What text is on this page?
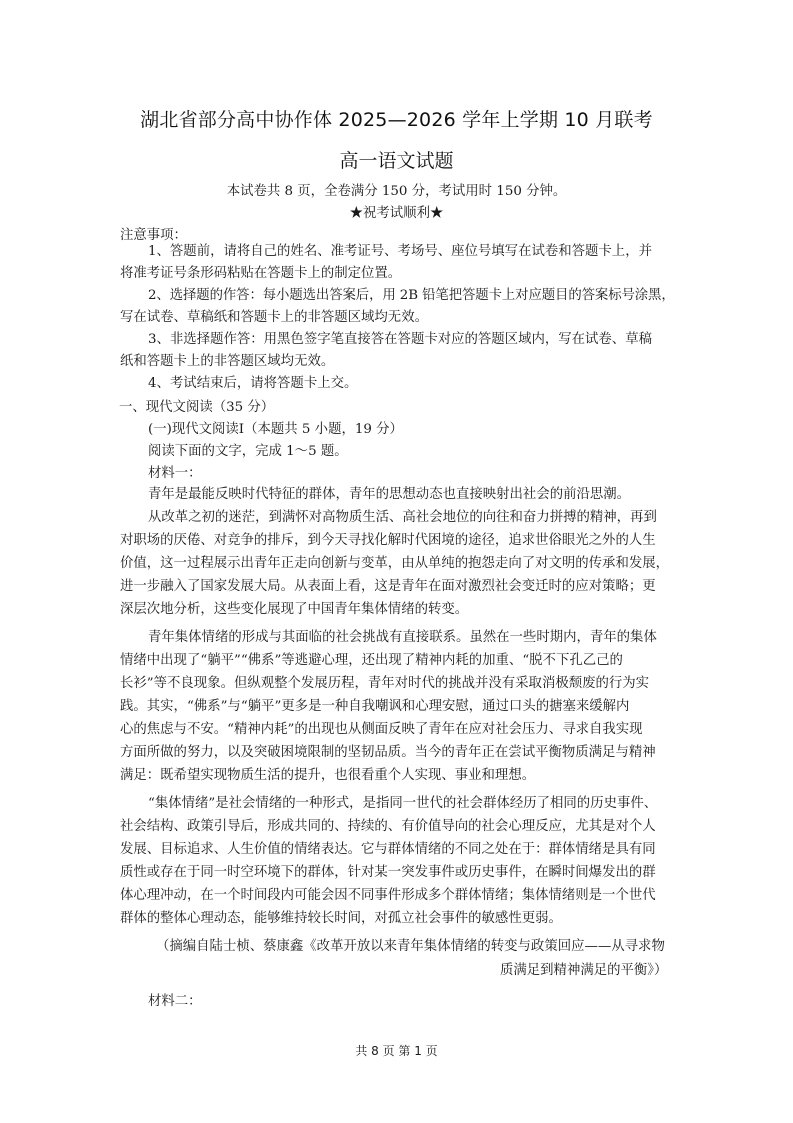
湖北省部分高中协作体 2025—2026 学年上学期 10 月联考
高一语文试题
本试卷共 8 页，全卷满分 150 分，考试用时 150 分钟。
★祝考试顺利★
注意事项：
1、答题前，请将自己的姓名、准考证号、考场号、座位号填写在试卷和答题卡上，并
将准考证号条形码粘贴在答题卡上的制定位置。
2、选择题的作答：每小题选出答案后，用 2B 铅笔把答题卡上对应题目的答案标号涂黑，
写在试卷、草稿纸和答题卡上的非答题区域均无效。
3、非选择题作答：用黑色签字笔直接答在答题卡对应的答题区域内，写在试卷、草稿
纸和答题卡上的非答题区域均无效。
4、考试结束后，请将答题卡上交。
一、现代文阅读（35 分）
(一)现代文阅读Ⅰ（本题共 5 小题，19 分）
阅读下面的文字，完成 1～5 题。
材料一：
青年是最能反映时代特征的群体，青年的思想动态也直接映射出社会的前沿思潮。
从改革之初的迷茫，到满怀对高物质生活、高社会地位的向往和奋力拼搏的精神，再到
对职场的厌倦、对竞争的排斥，到今天寻找化解时代困境的途径，追求世俗眼光之外的人生
价值，这一过程展示出青年正走向创新与变革，由从单纯的抱怨走向了对文明的传承和发展，
进一步融入了国家发展大局。从表面上看，这是青年在面对激烈社会变迁时的应对策略；更
深层次地分析，这些变化展现了中国青年集体情绪的转变。
青年集体情绪的形成与其面临的社会挑战有直接联系。虽然在一些时期内，青年的集体
情绪中出现了“躺平”“佛系”等逃避心理，还出现了精神内耗的加重、“脱不下孔乙己的
长衫”等不良现象。但纵观整个发展历程，青年对时代的挑战并没有采取消极颓废的行为实
践。其实，“佛系”与“躺平”更多是一种自我嘲讽和心理安慰，通过口头的搪塞来缓解内
心的焦虑与不安。“精神内耗”的出现也从侧面反映了青年在应对社会压力、寻求自我实现
方面所做的努力，以及突破困境限制的坚韧品质。当今的青年正在尝试平衡物质满足与精神
满足：既希望实现物质生活的提升，也很看重个人实现、事业和理想。
“集体情绪”是社会情绪的一种形式，是指同一世代的社会群体经历了相同的历史事件、
社会结构、政策引导后，形成共同的、持续的、有价值导向的社会心理反应，尤其是对个人
发展、目标追求、人生价值的情绪表达。它与群体情绪的不同之处在于：群体情绪是具有同
质性或存在于同一时空环境下的群体，针对某一突发事件或历史事件，在瞬时间爆发出的群
体心理冲动，在一个时间段内可能会因不同事件形成多个群体情绪；集体情绪则是一个世代
群体的整体心理动态，能够维持较长时间，对孤立社会事件的敏感性更弱。
（摘编自陆士桢、蔡康鑫《改革开放以来青年集体情绪的转变与政策回应——从寻求物
质满足到精神满足的平衡》）
材料二：
共 8 页 第 1 页
